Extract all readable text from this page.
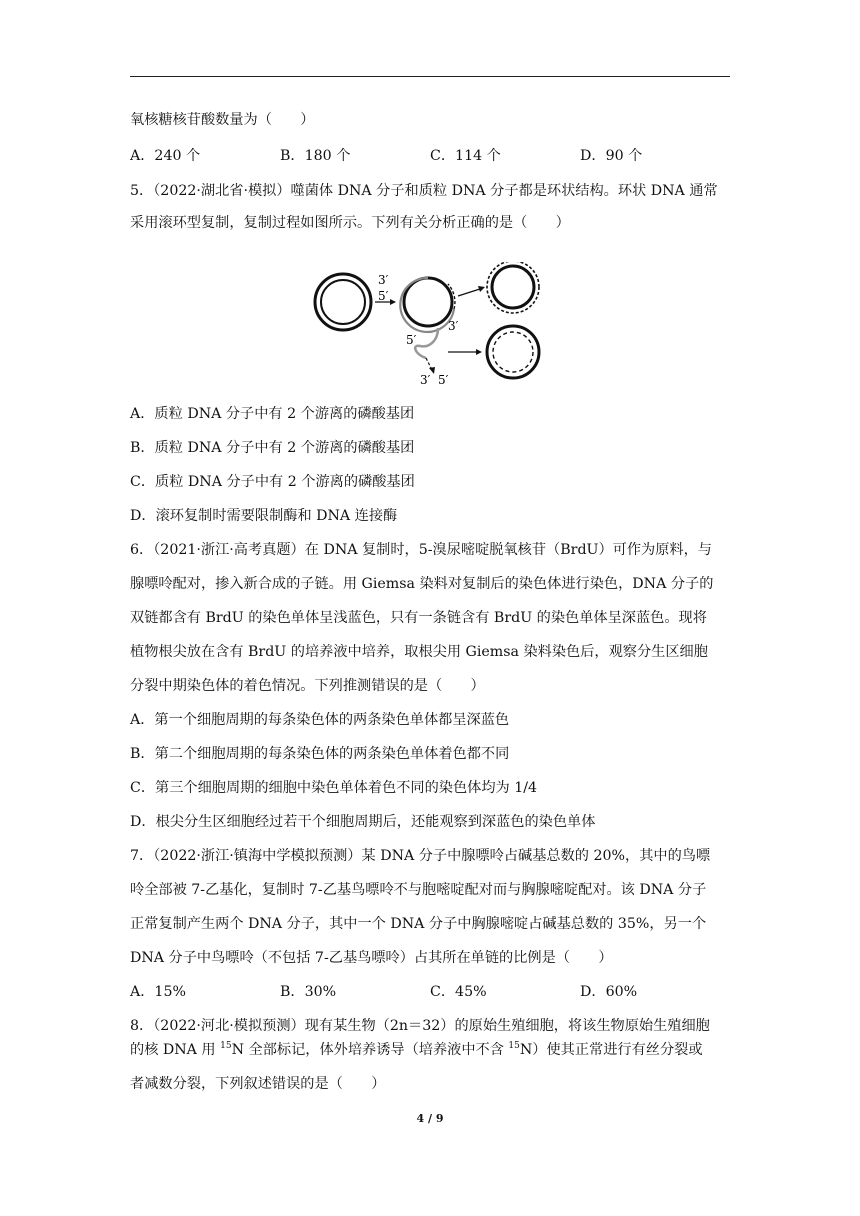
氧核糖核苷酸数量为（　　）
A．240 个	B．180 个	C．114 个	D．90 个
5．（2022·湖北省·模拟）噬菌体 DNA 分子和质粒 DNA 分子都是环状结构。环状 DNA 通常
采用滚环型复制，复制过程如图所示。下列有关分析正确的是（　　）
3′
5′
3′
5′
3′ 5′
A．质粒 DNA 分子中有 2 个游离的磷酸基团
B．质粒 DNA 分子中有 2 个游离的磷酸基团
C．质粒 DNA 分子中有 2 个游离的磷酸基团
D．滚环复制时需要限制酶和 DNA 连接酶
6．（2021·浙江·高考真题）在 DNA 复制时，5-溴尿嘧啶脱氧核苷（BrdU）可作为原料，与
腺嘌呤配对，掺入新合成的子链。用 Giemsa 染料对复制后的染色体进行染色，DNA 分子的
双链都含有 BrdU 的染色单体呈浅蓝色，只有一条链含有 BrdU 的染色单体呈深蓝色。现将
植物根尖放在含有 BrdU 的培养液中培养，取根尖用 Giemsa 染料染色后，观察分生区细胞
分裂中期染色体的着色情况。下列推测错误的是（　　）
A．第一个细胞周期的每条染色体的两条染色单体都呈深蓝色
B．第二个细胞周期的每条染色体的两条染色单体着色都不同
C．第三个细胞周期的细胞中染色单体着色不同的染色体均为 1/4
D．根尖分生区细胞经过若干个细胞周期后，还能观察到深蓝色的染色单体
7．（2022·浙江·镇海中学模拟预测）某 DNA 分子中腺嘌呤占碱基总数的 20%，其中的鸟嘌
呤全部被 7-乙基化，复制时 7-乙基鸟嘌呤不与胞嘧啶配对而与胸腺嘧啶配对。该 DNA 分子
正常复制产生两个 DNA 分子，其中一个 DNA 分子中胸腺嘧啶占碱基总数的 35%，另一个
DNA 分子中鸟嘌呤（不包括 7-乙基鸟嘌呤）占其所在单链的比例是（　　）
A．15%	B．30%	C．45%	D．60%
8．（2022·河北·模拟预测）现有某生物（2n＝32）的原始生殖细胞，将该生物原始生殖细胞
的核 DNA 用 $^{15}$N 全部标记，体外培养诱导（培养液中不含 $^{15}$N）使其正常进行有丝分裂或
者减数分裂，下列叙述错误的是（　　）
4 / 9
